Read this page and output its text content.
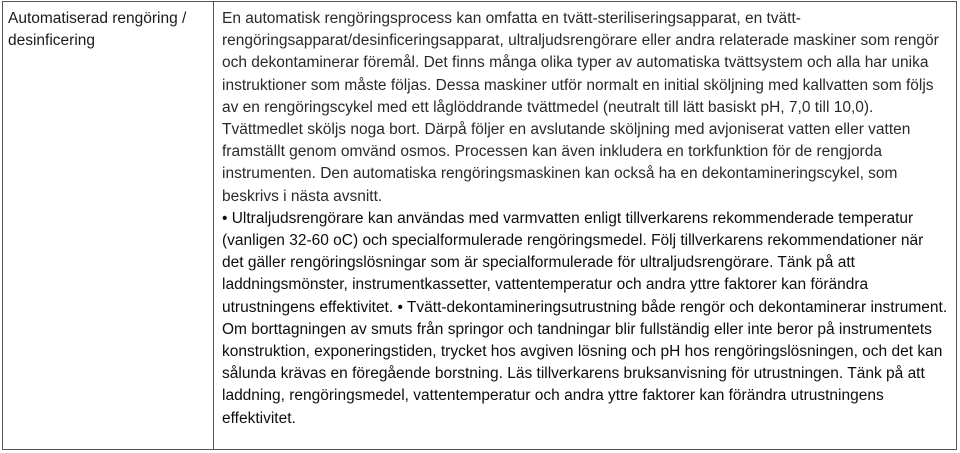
Automatiserad rengöring / desinficering

En automatisk rengöringsprocess kan omfatta en tvätt-steriliseringsapparat, en tvätt-rengöringsapparat/desinficeringsapparat, ultraljudsrengörare eller andra relaterade maskiner som rengör och dekontaminerar föremål. Det finns många olika typer av automatiska tvättsystem och alla har unika instruktioner som måste följas. Dessa maskiner utför normalt en initial sköljning med kallvatten som följs av en rengöringscykel med ett låglöddrande tvättmedel (neutralt till lätt basiskt pH, 7,0 till 10,0). Tvättmedlet sköljs noga bort. Därpå följer en avslutande sköljning med avjoniserat vatten eller vatten framställt genom omvänd osmos. Processen kan även inkludera en torkfunktion för de rengjorda instrumenten. Den automatiska rengöringsmaskinen kan också ha en dekontamineringscykel, som beskrivs i nästa avsnitt.

• Ultraljudsrengörare kan användas med varmvatten enligt tillverkarens rekommenderade temperatur (vanligen 32-60 oC) och specialformulerade rengöringsmedel. Följ tillverkarens rekommendationer när det gäller rengöringslösningar som är specialformulerade för ultraljudsrengörare. Tänk på att laddningsmönster, instrumentkassetter, vattentemperatur och andra yttre faktorer kan förändra utrustningens effektivitet. • Tvätt-dekontamineringsutrustning både rengör och dekontaminerar instrument. Om borttagningen av smuts från springor och tandningar blir fullständig eller inte beror på instrumentets konstruktion, exponeringstiden, trycket hos avgiven lösning och pH hos rengöringslösningen, och det kan sålunda krävas en föregående borstning. Läs tillverkarens bruksanvisning för utrustningen. Tänk på att laddning, rengöringsmedel, vattentemperatur och andra yttre faktorer kan förändra utrustningens effektivitet.
